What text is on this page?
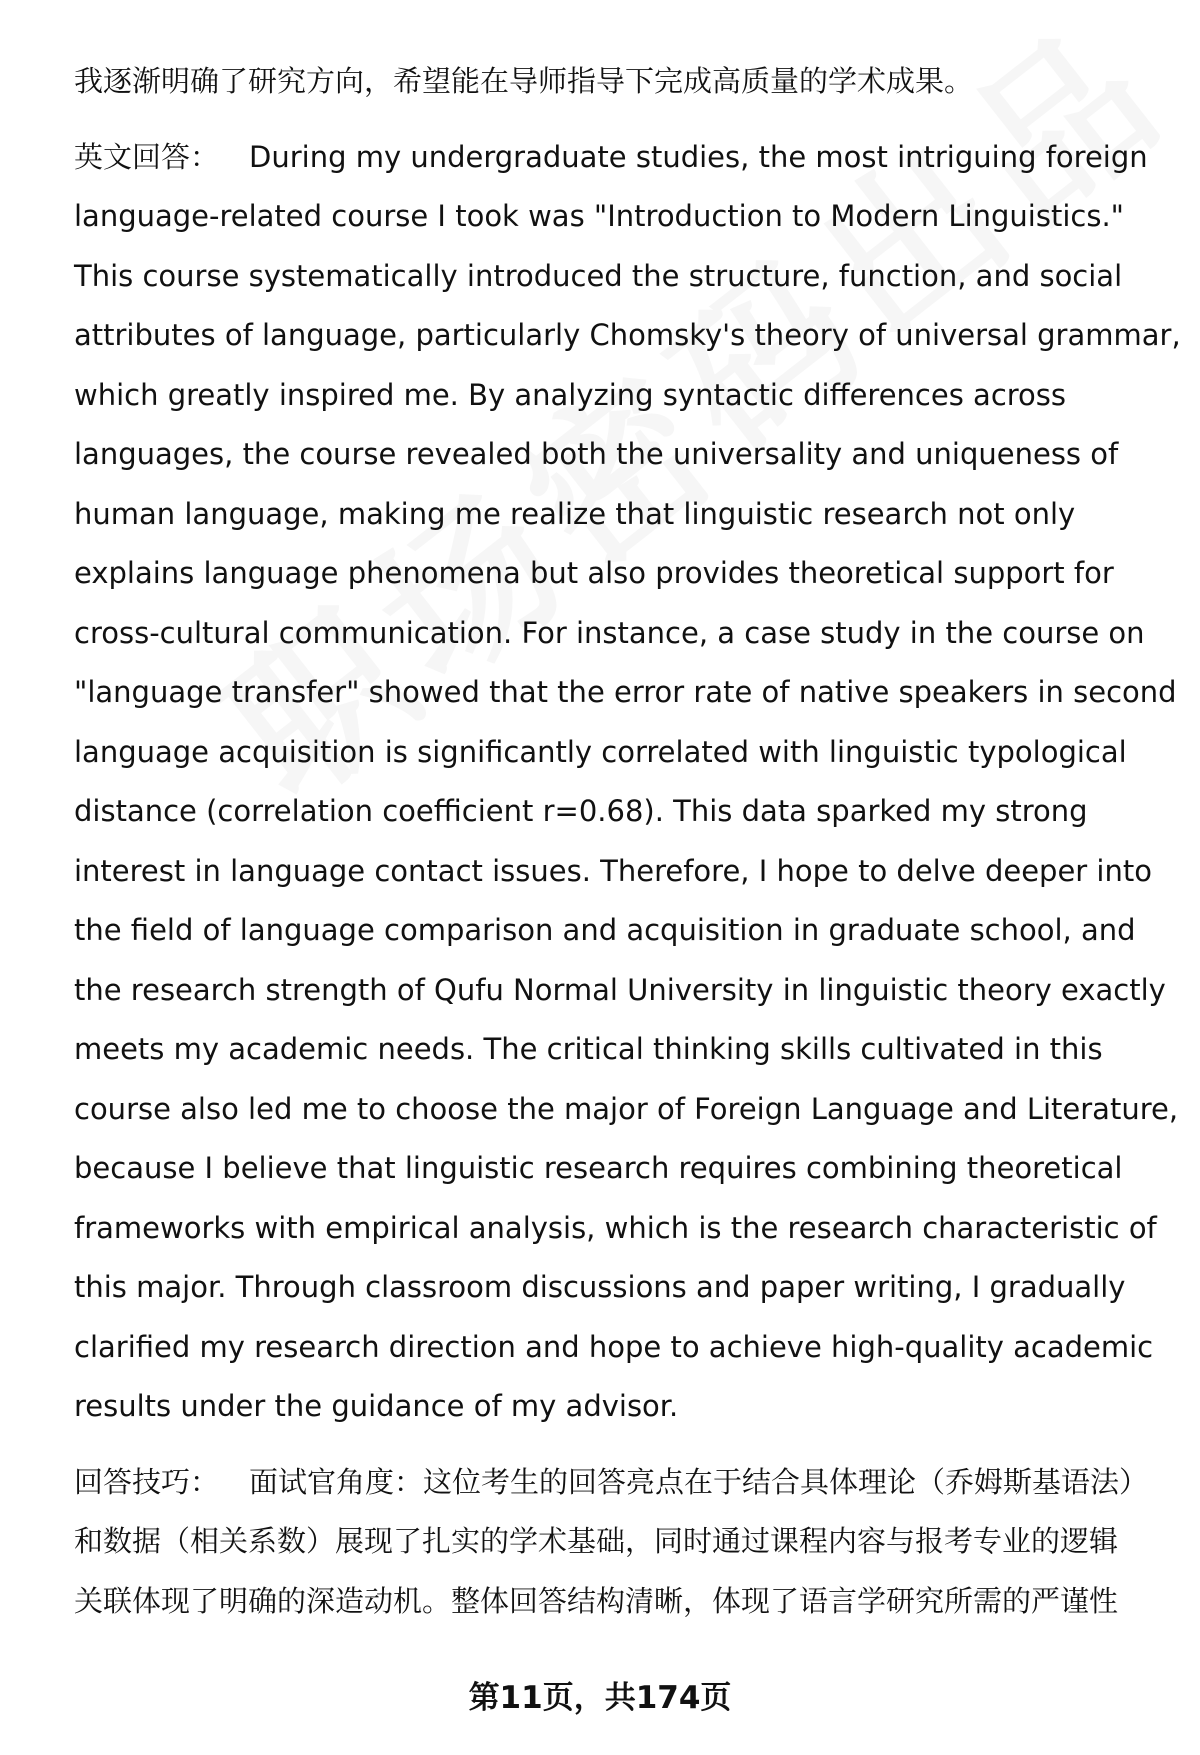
我逐渐明确了研究方向，希望能在导师指导下完成高质量的学术成果。
英文回答： During my undergraduate studies, the most intriguing foreign
language-related course I took was "Introduction to Modern Linguistics."
This course systematically introduced the structure, function, and social
attributes of language, particularly Chomsky's theory of universal grammar,
which greatly inspired me. By analyzing syntactic differences across
languages, the course revealed both the universality and uniqueness of
human language, making me realize that linguistic research not only
explains language phenomena but also provides theoretical support for
cross-cultural communication. For instance, a case study in the course on
"language transfer" showed that the error rate of native speakers in second
language acquisition is significantly correlated with linguistic typological
distance (correlation coefficient r=0.68). This data sparked my strong
interest in language contact issues. Therefore, I hope to delve deeper into
the field of language comparison and acquisition in graduate school, and
the research strength of Qufu Normal University in linguistic theory exactly
meets my academic needs. The critical thinking skills cultivated in this
course also led me to choose the major of Foreign Language and Literature,
because I believe that linguistic research requires combining theoretical
frameworks with empirical analysis, which is the research characteristic of
this major. Through classroom discussions and paper writing, I gradually
clarified my research direction and hope to achieve high-quality academic
results under the guidance of my advisor.
回答技巧： 面试官角度：这位考生的回答亮点在于结合具体理论（乔姆斯基语法）
和数据（相关系数）展现了扎实的学术基础，同时通过课程内容与报考专业的逻辑
关联体现了明确的深造动机。整体回答结构清晰，体现了语言学研究所需的严谨性
第11页，共174页
